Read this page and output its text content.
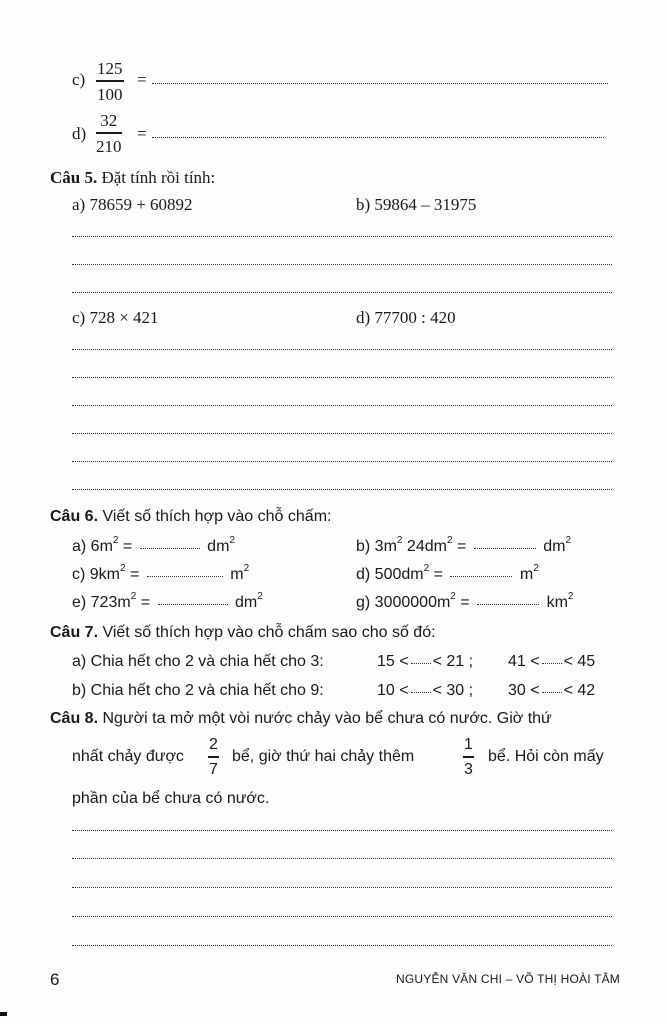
c)
125
100
=
d)
32
210
=
Câu 5. Đặt tính rồi tính:
a) 78659 + 60892	b) 59864 – 31975
c) 728 × 421	d) 77700 : 420
Câu 6. Viết số thích hợp vào chỗ chấm:
a) $6m^2$ =	$dm^2$	b) $3m^2$ $24dm^2$ =	$dm^2$
c) $9km^2$ =	$m^2$	d) $500dm^2$ =	$m^2$
e) $723m^2$ =	$dm^2$	g) $3000000m^2$ =	$km^2$
Câu 7. Viết số thích hợp vào chỗ chấm sao cho số đó:
a) Chia hết cho 2 và chia hết cho 3:	15 < < 21 ; 41 < < 45
b) Chia hết cho 2 và chia hết cho 9:	10 < < 30 ; 30 < < 42
Câu 8. Người ta mở một vòi nước chảy vào bể chưa có nước. Giờ thứ
nhất chảy được
2
7
bể, giờ thứ hai chảy thêm
1
3
bể. Hỏi còn mấy
phần của bể chưa có nước.
6	NGUYỄN VĂN CHI – VÕ THỊ HOÀI TÂM
